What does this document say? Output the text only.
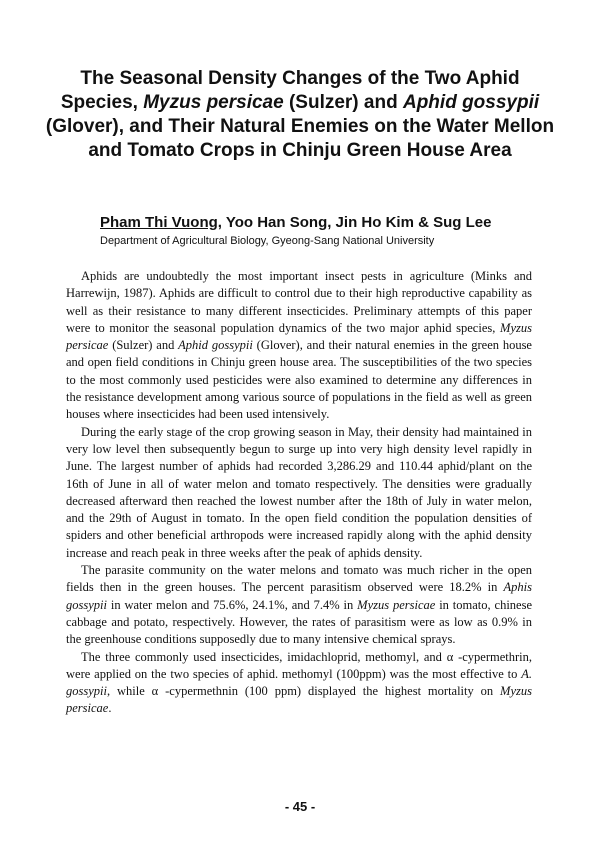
The Seasonal Density Changes of the Two Aphid Species, Myzus persicae (Sulzer) and Aphid gossypii (Glover), and Their Natural Enemies on the Water Mellon and Tomato Crops in Chinju Green House Area

Pham Thi Vuong, Yoo Han Song, Jin Ho Kim & Sug Lee

Department of Agricultural Biology, Gyeong-Sang National University

Aphids are undoubtedly the most important insect pests in agriculture (Minks and Harrewijn, 1987). Aphids are difficult to control due to their high reproductive capability as well as their resistance to many different insecticides. Preliminary attempts of this paper were to monitor the seasonal population dynamics of the two major aphid species, Myzus persicae (Sulzer) and Aphid gossypii (Glover), and their natural enemies in the green house and open field conditions in Chinju green house area. The susceptibilities of the two species to the most commonly used pesticides were also examined to determine any differences in the resistance development among various source of populations in the field as well as green houses where insecticides had been used intensively.

During the early stage of the crop growing season in May, their density had maintained in very low level then subsequently begun to surge up into very high density level rapidly in June. The largest number of aphids had recorded 3,286.29 and 110.44 aphid/plant on the 16th of June in all of water melon and tomato respectively. The densities were gradually decreased afterward then reached the lowest number after the 18th of July in water melon, and the 29th of August in tomato. In the open field condition the population densities of spiders and other beneficial arthropods were increased rapidly along with the aphid density increase and reach peak in three weeks after the peak of aphids density.

The parasite community on the water melons and tomato was much richer in the open fields then in the green houses. The percent parasitism observed were 18.2% in Aphis gossypii in water melon and 75.6%, 24.1%, and 7.4% in Myzus persicae in tomato, chinese cabbage and potato, respectively. However, the rates of parasitism were as low as 0.9% in the greenhouse conditions supposedly due to many intensive chemical sprays.

The three commonly used insecticides, imidachloprid, methomyl, and α -cypermethrin, were applied on the two species of aphid. methomyl (100ppm) was the most effective to A. gossypii, while α -cypermethnin (100 ppm) displayed the highest mortality on Myzus persicae.

- 45 -
